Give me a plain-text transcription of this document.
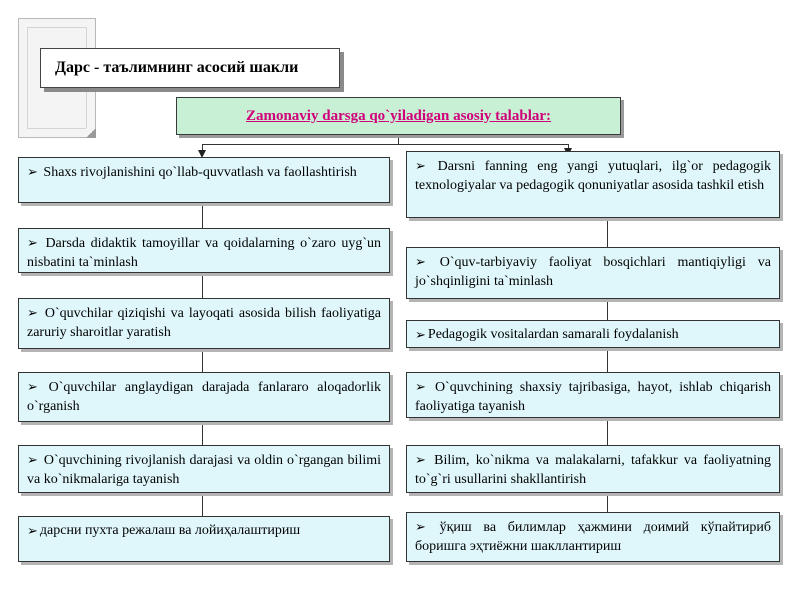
Дарс - таълимнинг асосий шакли
Zamonaviy darsga qo`yiladigan asosiy talablar:
➢ Shaxs rivojlanishini qo`llab-quvvatlash va faollashtirish
➢ Darsda didaktik tamoyillar va qoidalarning o`zaro uyg`un nisbatini ta`minlash
➢ O`quvchilar qiziqishi va layoqati asosida bilish faoliyatiga zaruriy sharoitlar yaratish
➢ O`quvchilar anglaydigan darajada fanlararo aloqadorlik o`rganish
➢ O`quvchining rivojlanish darajasi va oldin o`rgangan bilimi va ko`nikmalariga tayanish
➢ дарсни пухта режалаш ва лойиҳалаштириш
➢ Darsni fanning eng yangi yutuqlari, ilg`or pedagogik texnologiyalar va pedagogik qonuniyatlar asosida tashkil etish
➢ O`quv-tarbiyaviy faoliyat bosqichlari mantiqiyligi va jo`shqinligini ta`minlash
➢ Pedagogik vositalardan samarali foydalanish
➢ O`quvchining shaxsiy tajribasiga, hayot, ishlab chiqarish faoliyatiga tayanish
➢ Bilim, ko`nikma va malakalarni, tafakkur va faoliyatning to`g`ri usullarini shakllantirish
➢ ўқиш ва билимлар ҳажмини доимий кўпайтириб боришга эҳтиёжни шакллантириш
